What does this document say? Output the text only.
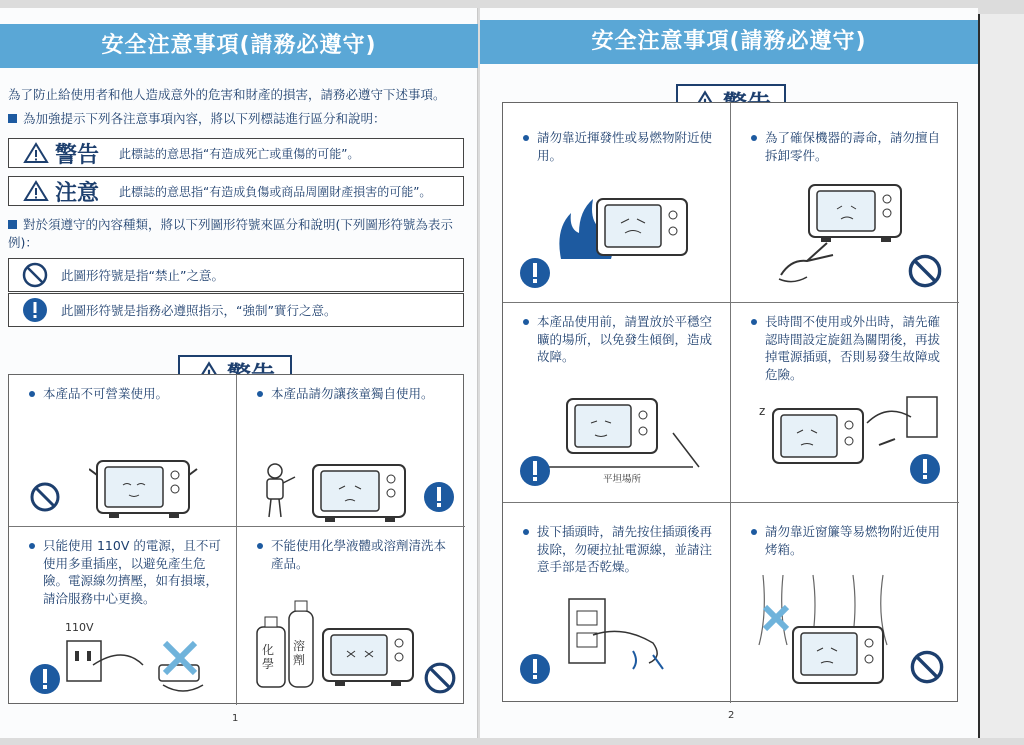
安全注意事項(請務必遵守)
為了防止給使用者和他人造成意外的危害和財產的損害，請務必遵守下述事項。
為加強提示下列各注意事項內容，將以下列標誌進行區分和說明：
警告 此標誌的意思指“有造成死亡或重傷的可能”。
注意 此標誌的意思指“有造成負傷或商品周圍財產損害的可能”。
對於須遵守的內容種類，將以下列圖形符號來區分和說明(下列圖形符號為表示例)：
此圖形符號是指“禁止”之意。
此圖形符號是指務必遵照指示，“強制”實行之意。
本產品不可營業使用。	本產品請勿讓孩童獨自使用。
只能使用 110V 的電源，且不可使用多重插座，以避免產生危險。電源線勿擠壓，如有損壞，請洽服務中心更換。
110V
不能使用化學液體或溶劑清洗本產品。
化學
溶劑
1
安全注意事項(請務必遵守)
請勿靠近揮發性或易燃物附近使用。
為了確保機器的壽命，請勿擅自拆卸零件。
本產品使用前，請置放於平穩空曠的場所，以免發生傾倒，造成故障。
平坦場所
長時間不使用或外出時，請先確認時間設定旋鈕為關閉後，再拔掉電源插頭，否則易發生故障或危險。
z
拔下插頭時，請先按住插頭後再拔除，勿硬拉扯電源線，並請注意手部是否乾燥。
請勿靠近窗簾等易燃物附近使用烤箱。
2
